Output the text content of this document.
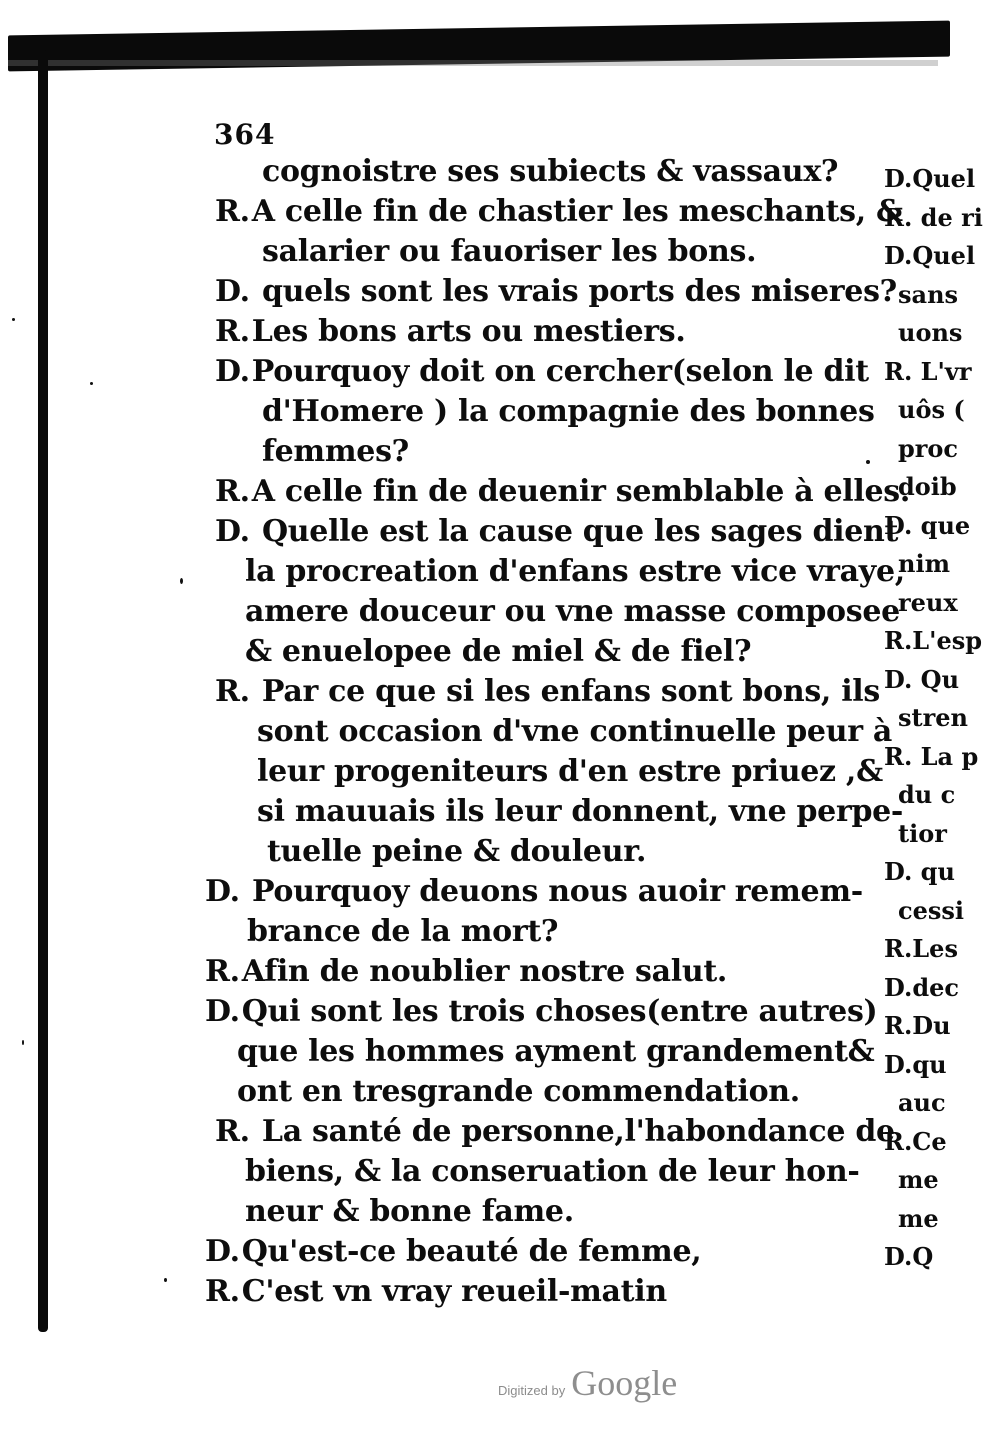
364
cognoistre ses subiects & vassaux?
R.A celle fin de chastier les meschants, &
salarier ou fauoriser les bons.
D. quels sont les vrais ports des miseres?
R.Les bons arts ou mestiers.
D.Pourquoy doit on cercher(selon le dit
d'Homere ) la compagnie des bonnes
femmes?
R.A celle fin de deuenir semblable à elles.
D. Quelle est la cause que les sages dient
la procreation d'enfans estre vice vraye,
amere douceur ou vne masse composee
& enuelopee de miel & de fiel?
R. Par ce que si les enfans sont bons, ils
sont occasion d'vne continuelle peur à
leur progeniteurs d'en estre priuez ,&
si mauuais ils leur donnent, vne perpe-
tuelle peine & douleur.
D. Pourquoy deuons nous auoir remem-
brance de la mort?
R.Afin de noublier nostre salut.
D.Qui sont les trois choses(entre autres)
que les hommes ayment grandement&
ont en tresgrande commendation.
R. La santé de personne,l'habondance de
biens, & la conseruation de leur hon-
neur & bonne fame.
D.Qu'est-ce beauté de femme,
R.C'est vn vray reueil-matin
D.Quel
R. de ri
D.Quel
sans
uons
R. L'vr
uôs (
proc
doib
D. que
nim
reux
R.L'esp
D. Qu
stren
R. La p
du c
tior
D. qu
cessi
R.Les
D.dec
R.Du
D.qu
auc
R.Ce
me
me
D.Q
Digitized by Google
